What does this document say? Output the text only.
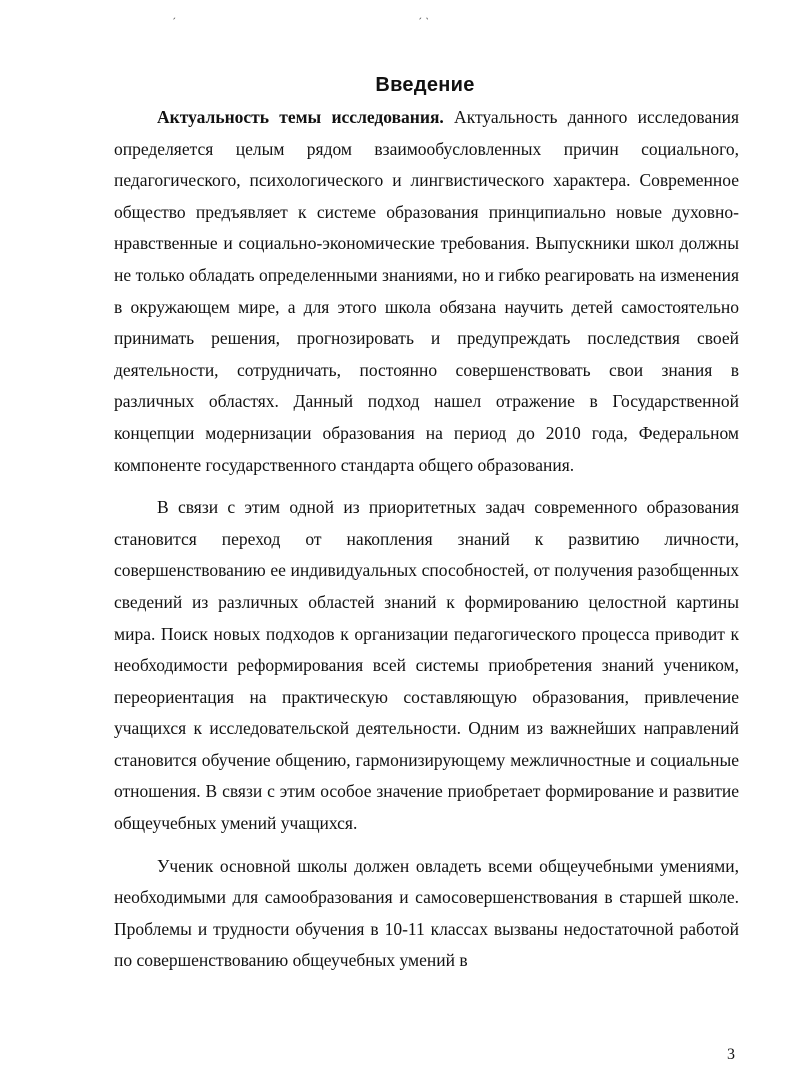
ˏ	ˏ ˎ
Введение

Актуальность темы исследования. Актуальность данного исследования определяется целым рядом взаимообусловленных причин социального, педагогического, психологического и лингвистического характера. Современное общество предъявляет к системе образования принципиально новые духовно-нравственные и социально-экономические требования. Выпускники школ должны не только обладать определенными знаниями, но и гибко реагировать на изменения в окружающем мире, а для этого школа обязана научить детей самостоятельно принимать решения, прогнозировать и предупреждать последствия своей деятельности, сотрудничать, постоянно совершенствовать свои знания в различных областях. Данный подход нашел отражение в Государственной концепции модернизации образования на период до 2010 года, Федеральном компоненте государственного стандарта общего образования.

В связи с этим одной из приоритетных задач современного образования становится переход от накопления знаний к развитию личности, совершенствованию ее индивидуальных способностей, от получения разобщенных сведений из различных областей знаний к формированию целостной картины мира. Поиск новых подходов к организации педагогического процесса приводит к необходимости реформирования всей системы приобретения знаний учеником, переориентация на практическую составляющую образования, привлечение учащихся к исследовательской деятельности. Одним из важнейших направлений становится обучение общению, гармонизирующему межличностные и социальные отношения. В связи с этим особое значение приобретает формирование и развитие общеучебных умений учащихся.

Ученик основной школы должен овладеть всеми общеучебными умениями, необходимыми для самообразования и самосовершенствования в старшей школе. Проблемы и трудности обучения в 10-11 классах вызваны недостаточной работой по совершенствованию общеучебных умений в

3
